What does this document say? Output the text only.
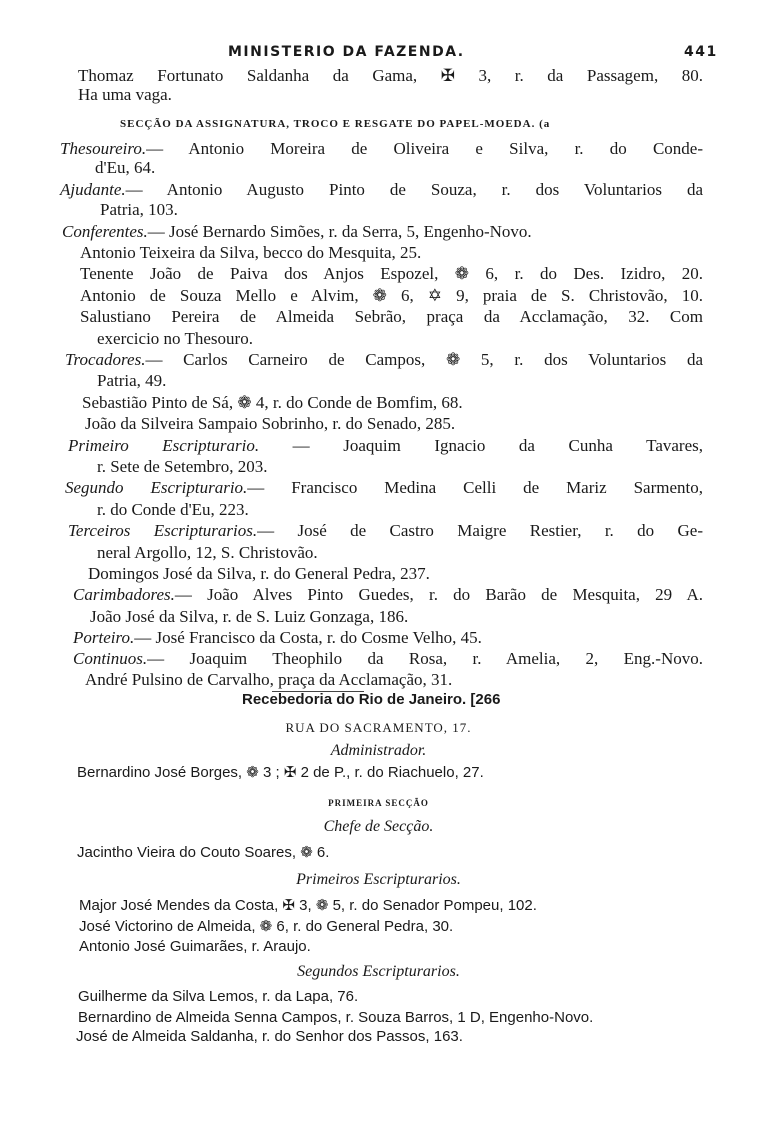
MINISTERIO DA FAZENDA.	441
Thomaz Fortunato Saldanha da Gama, ✠ 3, r. da Passagem, 80.
Ha uma vaga.
SECÇÃO DA ASSIGNATURA, TROCO E RESGATE DO PAPEL-MOEDA. (a
Thesoureiro.— Antonio Moreira de Oliveira e Silva, r. do Conde-
d'Eu, 64.
Ajudante.— Antonio Augusto Pinto de Souza, r. dos Voluntarios da
Patria, 103.
Conferentes.— José Bernardo Simões, r. da Serra, 5, Engenho-Novo.
Antonio Teixeira da Silva, becco do Mesquita, 25.
Tenente João de Paiva dos Anjos Espozel, ❁ 6, r. do Des. Izidro, 20.
Antonio de Souza Mello e Alvim, ❁ 6, ✡ 9, praia de S. Christovão, 10.
Salustiano Pereira de Almeida Sebrão, praça da Acclamação, 32. Com
exercicio no Thesouro.
Trocadores.— Carlos Carneiro de Campos, ❁ 5, r. dos Voluntarios da
Patria, 49.
Sebastião Pinto de Sá, ❁ 4, r. do Conde de Bomfim, 68.
João da Silveira Sampaio Sobrinho, r. do Senado, 285.
Primeiro Escripturario. — Joaquim Ignacio da Cunha Tavares,
r. Sete de Setembro, 203.
Segundo Escripturario.— Francisco Medina Celli de Mariz Sarmento,
r. do Conde d'Eu, 223.
Terceiros Escripturarios.— José de Castro Maigre Restier, r. do Ge-
neral Argollo, 12, S. Christovão.
Domingos José da Silva, r. do General Pedra, 237.
Carimbadores.— João Alves Pinto Guedes, r. do Barão de Mesquita, 29 A.
João José da Silva, r. de S. Luiz Gonzaga, 186.
Porteiro.— José Francisco da Costa, r. do Cosme Velho, 45.
Continuos.— Joaquim Theophilo da Rosa, r. Amelia, 2, Eng.-Novo.
André Pulsino de Carvalho, praça da Acclamação, 31.
Recebedoria do Rio de Janeiro. [266
RUA DO SACRAMENTO, 17.
Administrador.
Bernardino José Borges, ❁ 3 ; ✠ 2 de P., r. do Riachuelo, 27.
PRIMEIRA SECÇÃO
Chefe de Secção.
Jacintho Vieira do Couto Soares, ❁ 6.
Primeiros Escripturarios.
Major José Mendes da Costa, ✠ 3, ❁ 5, r. do Senador Pompeu, 102.
José Victorino de Almeida, ❁ 6, r. do General Pedra, 30.
Antonio José Guimarães, r. Araujo.
Segundos Escripturarios.
Guilherme da Silva Lemos, r. da Lapa, 76.
Bernardino de Almeida Senna Campos, r. Souza Barros, 1 D, Engenho-Novo.
José de Almeida Saldanha, r. do Senhor dos Passos, 163.
